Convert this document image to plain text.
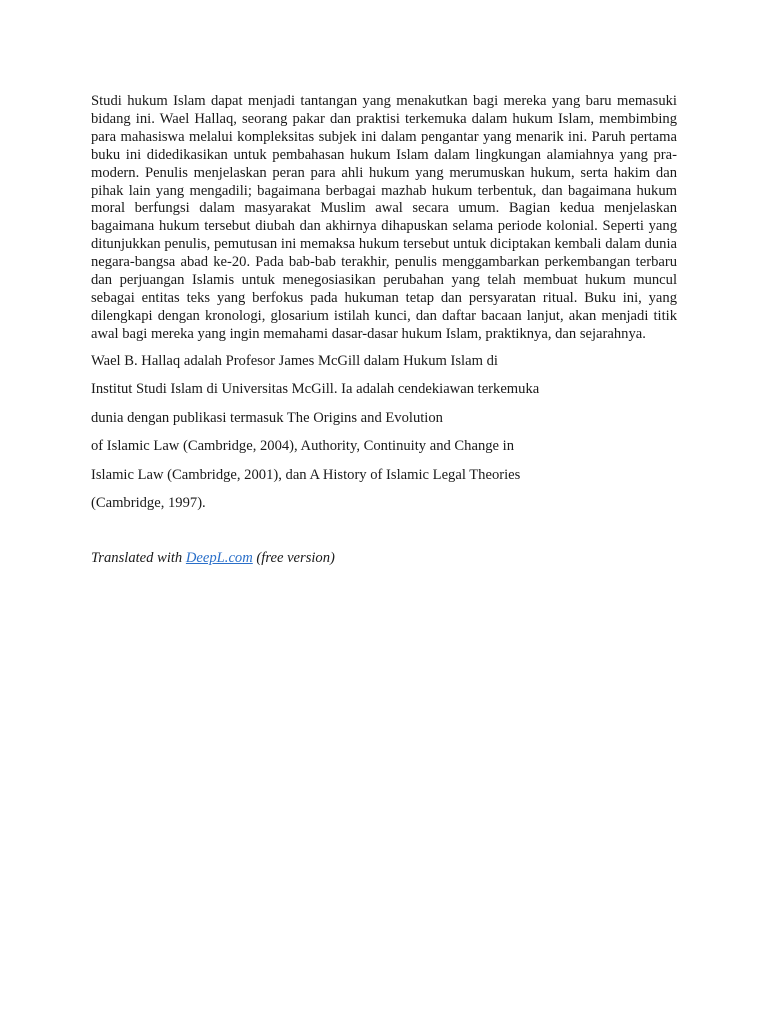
Studi hukum Islam dapat menjadi tantangan yang menakutkan bagi mereka yang baru memasuki bidang ini. Wael Hallaq, seorang pakar dan praktisi terkemuka dalam hukum Islam, membimbing para mahasiswa melalui kompleksitas subjek ini dalam pengantar yang menarik ini. Paruh pertama buku ini didedikasikan untuk pembahasan hukum Islam dalam lingkungan alamiahnya yang pra-modern. Penulis menjelaskan peran para ahli hukum yang merumuskan hukum, serta hakim dan pihak lain yang mengadili; bagaimana berbagai mazhab hukum terbentuk, dan bagaimana hukum moral berfungsi dalam masyarakat Muslim awal secara umum. Bagian kedua menjelaskan bagaimana hukum tersebut diubah dan akhirnya dihapuskan selama periode kolonial. Seperti yang ditunjukkan penulis, pemutusan ini memaksa hukum tersebut untuk diciptakan kembali dalam dunia negara-bangsa abad ke-20. Pada bab-bab terakhir, penulis menggambarkan perkembangan terbaru dan perjuangan Islamis untuk menegosiasikan perubahan yang telah membuat hukum muncul sebagai entitas teks yang berfokus pada hukuman tetap dan persyaratan ritual. Buku ini, yang dilengkapi dengan kronologi, glosarium istilah kunci, dan daftar bacaan lanjut, akan menjadi titik awal bagi mereka yang ingin memahami dasar-dasar hukum Islam, praktiknya, dan sejarahnya.

Wael B. Hallaq adalah Profesor James McGill dalam Hukum Islam di

Institut Studi Islam di Universitas McGill. Ia adalah cendekiawan terkemuka

dunia dengan publikasi termasuk The Origins and Evolution

of Islamic Law (Cambridge, 2004), Authority, Continuity and Change in

Islamic Law (Cambridge, 2001), dan A History of Islamic Legal Theories

(Cambridge, 1997).

Translated with DeepL.com (free version)
